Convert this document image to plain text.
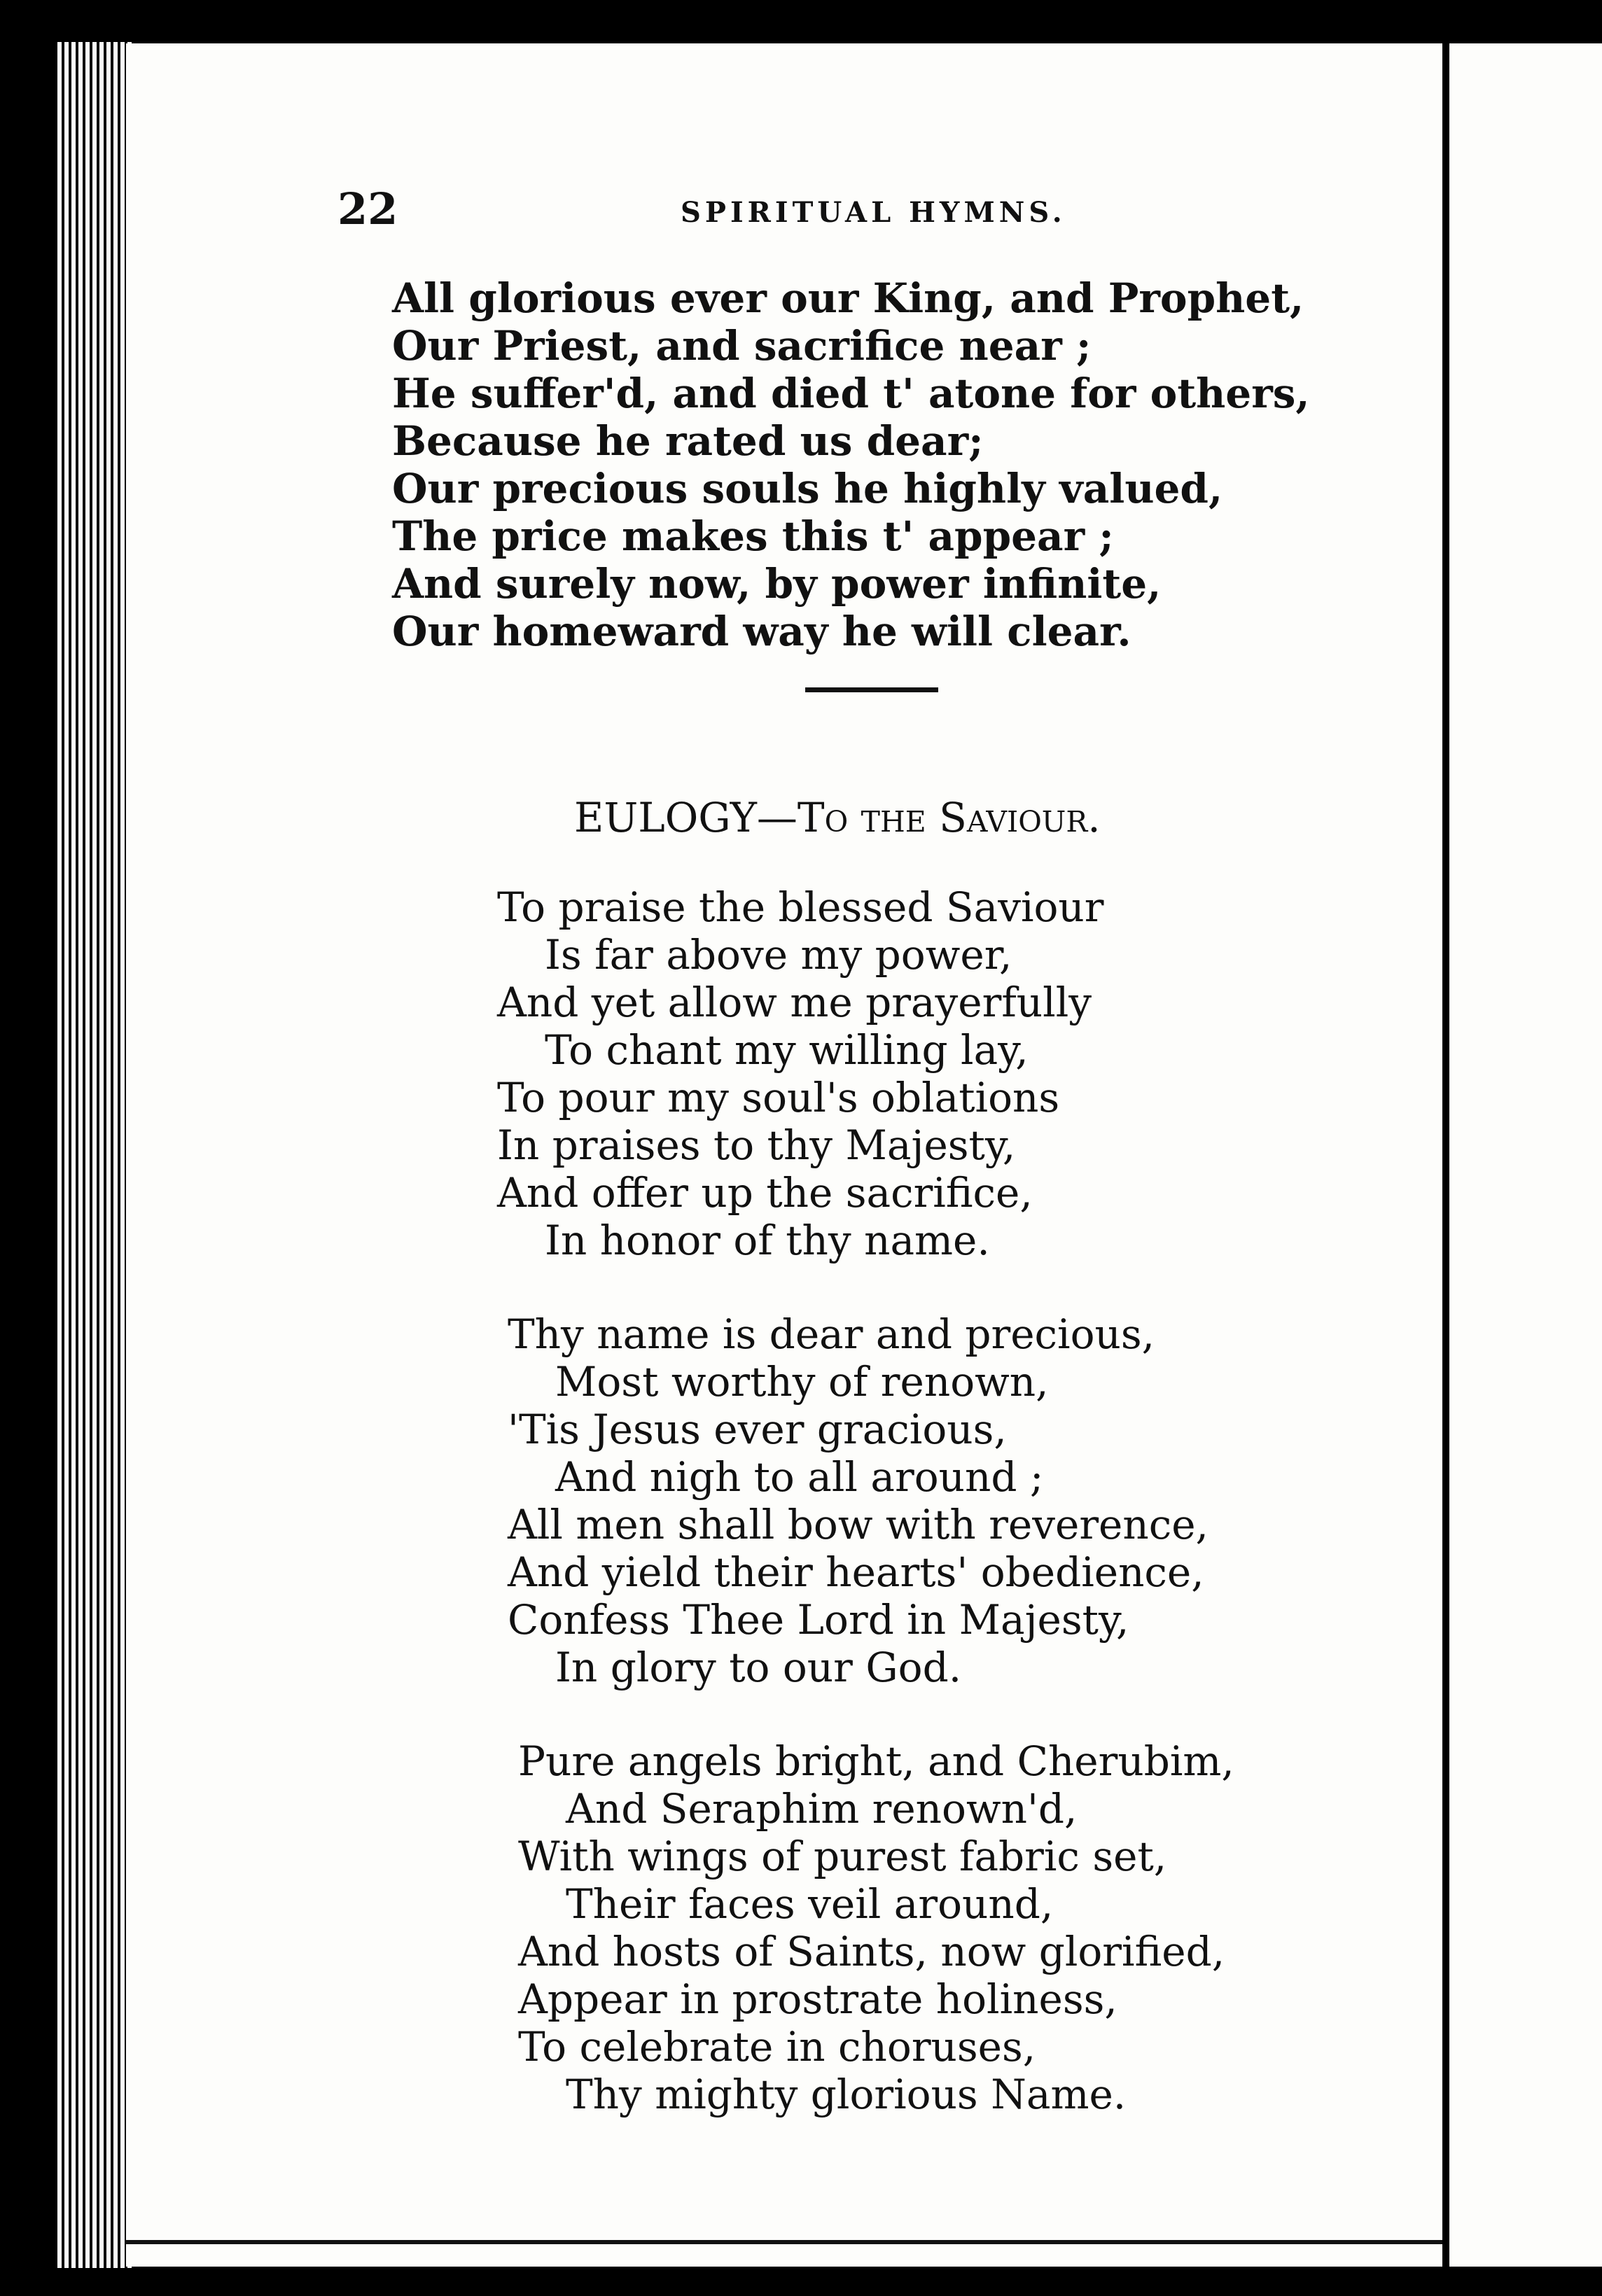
22	SPIRITUAL HYMNS.
All glorious ever our King, and Prophet,
Our Priest, and sacrifice near ;
He suffer'd, and died t' atone for others,
Because he rated us dear;
Our precious souls he highly valued,
The price makes this t' appear ;
And surely now, by power infinite,
Our homeward way he will clear.
EULOGY—To the Saviour.
To praise the blessed Saviour
Is far above my power,
And yet allow me prayerfully
To chant my willing lay,
To pour my soul's oblations
In praises to thy Majesty,
And offer up the sacrifice,
In honor of thy name.
Thy name is dear and precious,
Most worthy of renown,
'Tis Jesus ever gracious,
And nigh to all around ;
All men shall bow with reverence,
And yield their hearts' obedience,
Confess Thee Lord in Majesty,
In glory to our God.
Pure angels bright, and Cherubim,
And Seraphim renown'd,
With wings of purest fabric set,
Their faces veil around,
And hosts of Saints, now glorified,
Appear in prostrate holiness,
To celebrate in choruses,
Thy mighty glorious Name.
